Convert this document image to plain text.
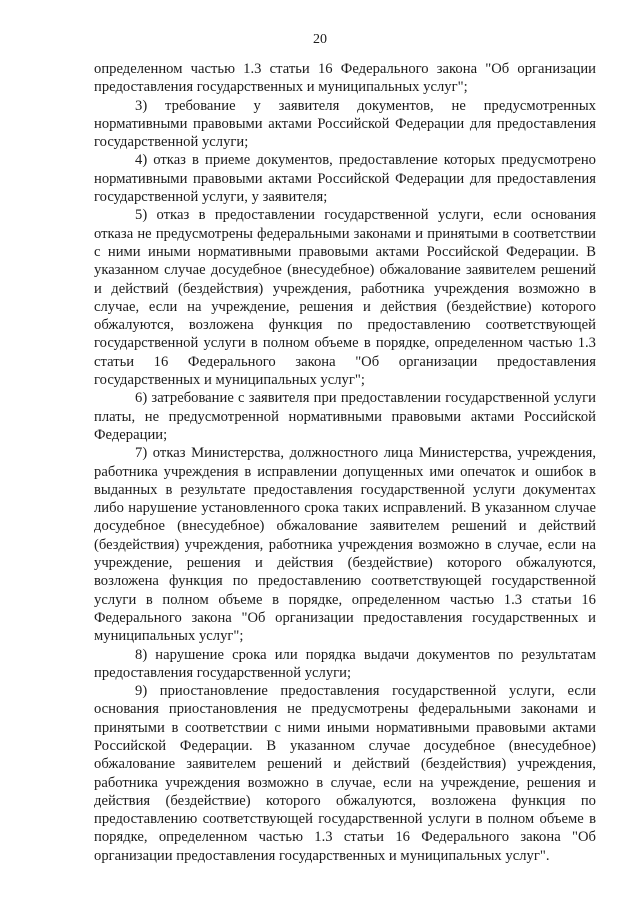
20

определенном частью 1.3 статьи 16 Федерального закона "Об организации предоставления государственных и муниципальных услуг";

3) требование у заявителя документов, не предусмотренных нормативными правовыми актами Российской Федерации для предоставления государственной услуги;

4) отказ в приеме документов, предоставление которых предусмотрено нормативными правовыми актами Российской Федерации для предоставления государственной услуги, у заявителя;

5) отказ в предоставлении государственной услуги, если основания отказа не предусмотрены федеральными законами и принятыми в соответствии с ними иными нормативными правовыми актами Российской Федерации. В указанном случае досудебное (внесудебное) обжалование заявителем решений и действий (бездействия) учреждения, работника учреждения возможно в случае, если на учреждение, решения и действия (бездействие) которого обжалуются, возложена функция по предоставлению соответствующей государственной услуги в полном объеме в порядке, определенном частью 1.3 статьи 16 Федерального закона "Об организации предоставления государственных и муниципальных услуг";

6) затребование с заявителя при предоставлении государственной услуги платы, не предусмотренной нормативными правовыми актами Российской Федерации;

7) отказ Министерства, должностного лица Министерства, учреждения, работника учреждения в исправлении допущенных ими опечаток и ошибок в выданных в результате предоставления государственной услуги документах либо нарушение установленного срока таких исправлений. В указанном случае досудебное (внесудебное) обжалование заявителем решений и действий (бездействия) учреждения, работника учреждения возможно в случае, если на учреждение, решения и действия (бездействие) которого обжалуются, возложена функция по предоставлению соответствующей государственной услуги в полном объеме в порядке, определенном частью 1.3 статьи 16 Федерального закона "Об организации предоставления государственных и муниципальных услуг";

8) нарушение срока или порядка выдачи документов по результатам предоставления государственной услуги;

9) приостановление предоставления государственной услуги, если основания приостановления не предусмотрены федеральными законами и принятыми в соответствии с ними иными нормативными правовыми актами Российской Федерации. В указанном случае досудебное (внесудебное) обжалование заявителем решений и действий (бездействия) учреждения, работника учреждения возможно в случае, если на учреждение, решения и действия (бездействие) которого обжалуются, возложена функция по предоставлению соответствующей государственной услуги в полном объеме в порядке, определенном частью 1.3 статьи 16 Федерального закона "Об организации предоставления государственных и муниципальных услуг".
